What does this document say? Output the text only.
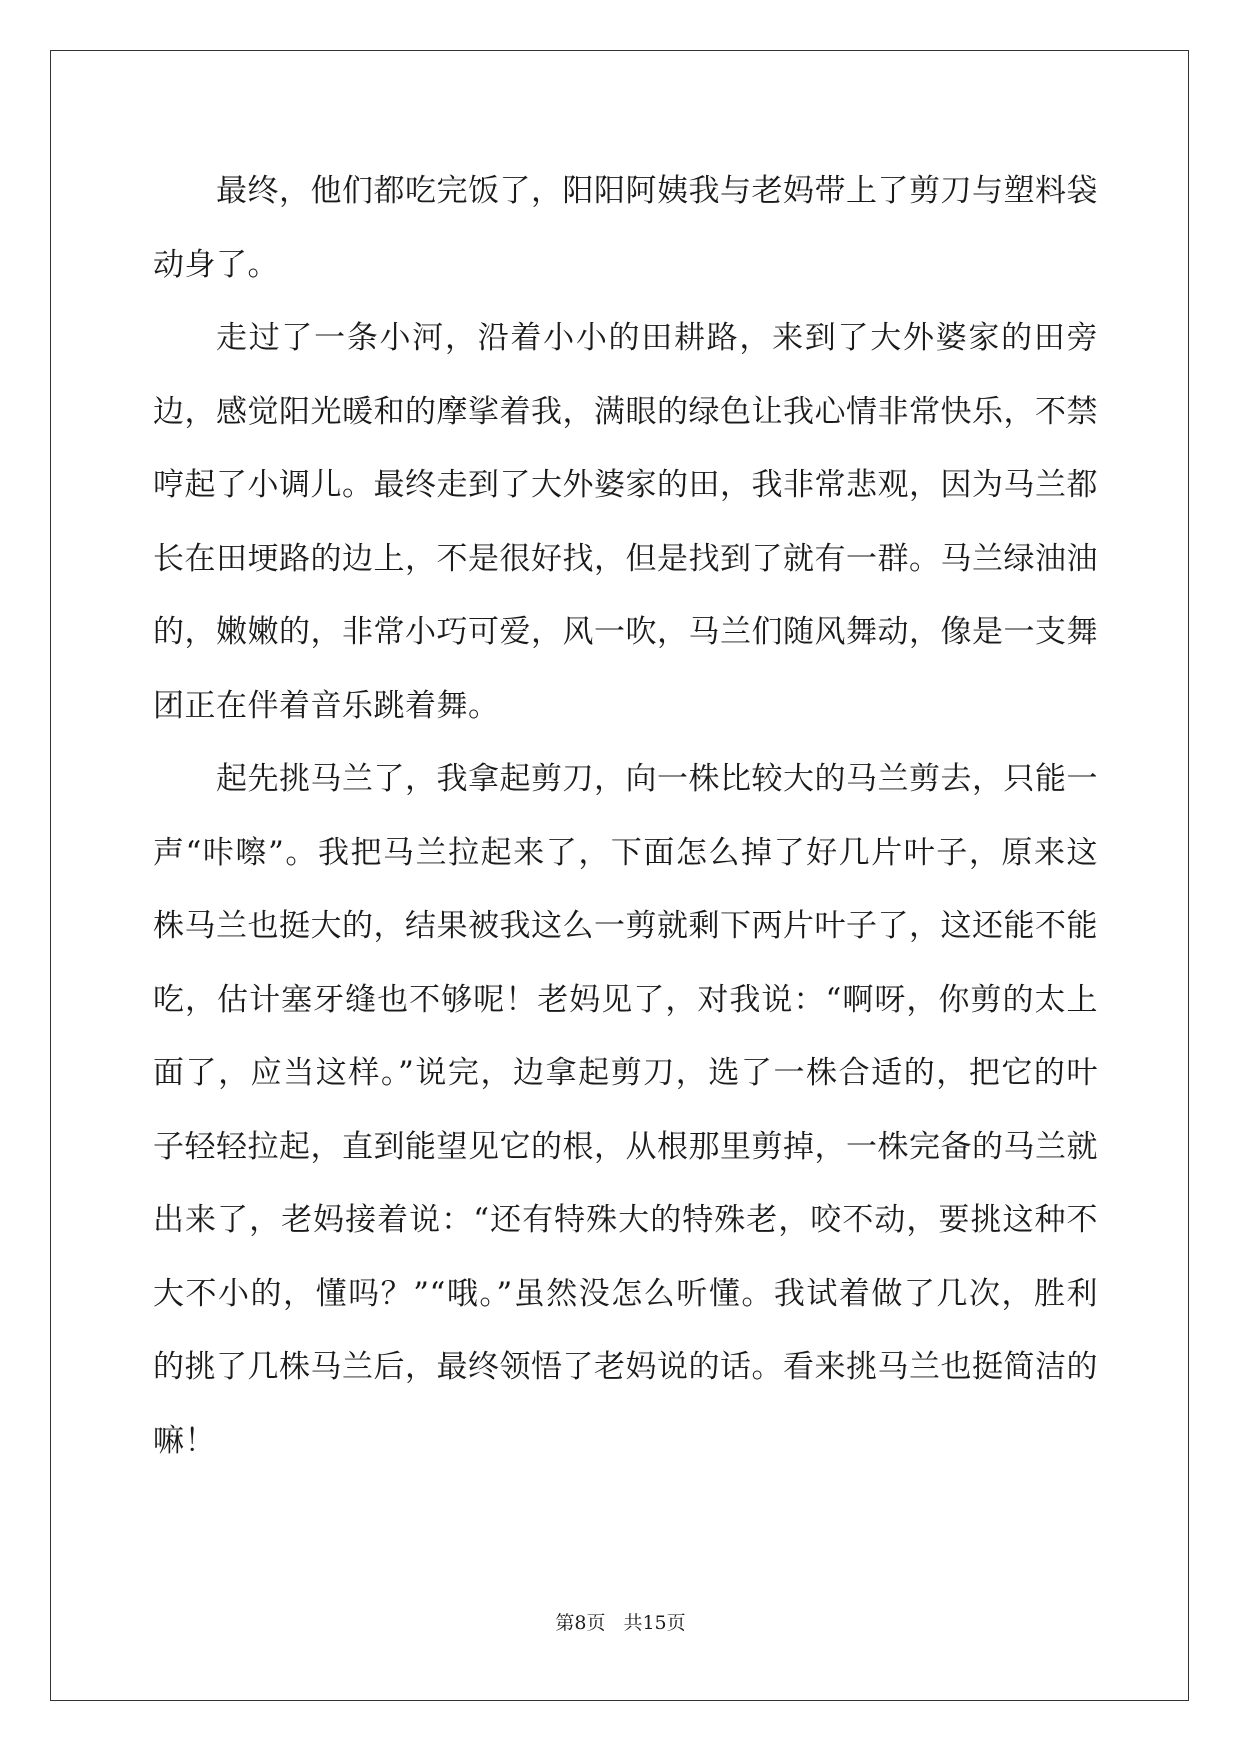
最终，他们都吃完饭了，阳阳阿姨我与老妈带上了剪刀与塑料袋动身了。

走过了一条小河，沿着小小的田耕路，来到了大外婆家的田旁边，感觉阳光暖和的摩挲着我，满眼的绿色让我心情非常快乐，不禁哼起了小调儿。最终走到了大外婆家的田，我非常悲观，因为马兰都长在田埂路的边上，不是很好找，但是找到了就有一群。马兰绿油油的，嫩嫩的，非常小巧可爱，风一吹，马兰们随风舞动，像是一支舞团正在伴着音乐跳着舞。

起先挑马兰了，我拿起剪刀，向一株比较大的马兰剪去，只能一声“咔嚓”。我把马兰拉起来了，下面怎么掉了好几片叶子，原来这株马兰也挺大的，结果被我这么一剪就剩下两片叶子了，这还能不能吃，估计塞牙缝也不够呢！老妈见了，对我说：“啊呀，你剪的太上面了，应当这样。”说完，边拿起剪刀，选了一株合适的，把它的叶子轻轻拉起，直到能望见它的根，从根那里剪掉，一株完备的马兰就出来了，老妈接着说：“还有特殊大的特殊老，咬不动，要挑这种不大不小的，懂吗？”“哦。”虽然没怎么听懂。我试着做了几次，胜利的挑了几株马兰后，最终领悟了老妈说的话。看来挑马兰也挺简洁的嘛！

第8页 共15页
